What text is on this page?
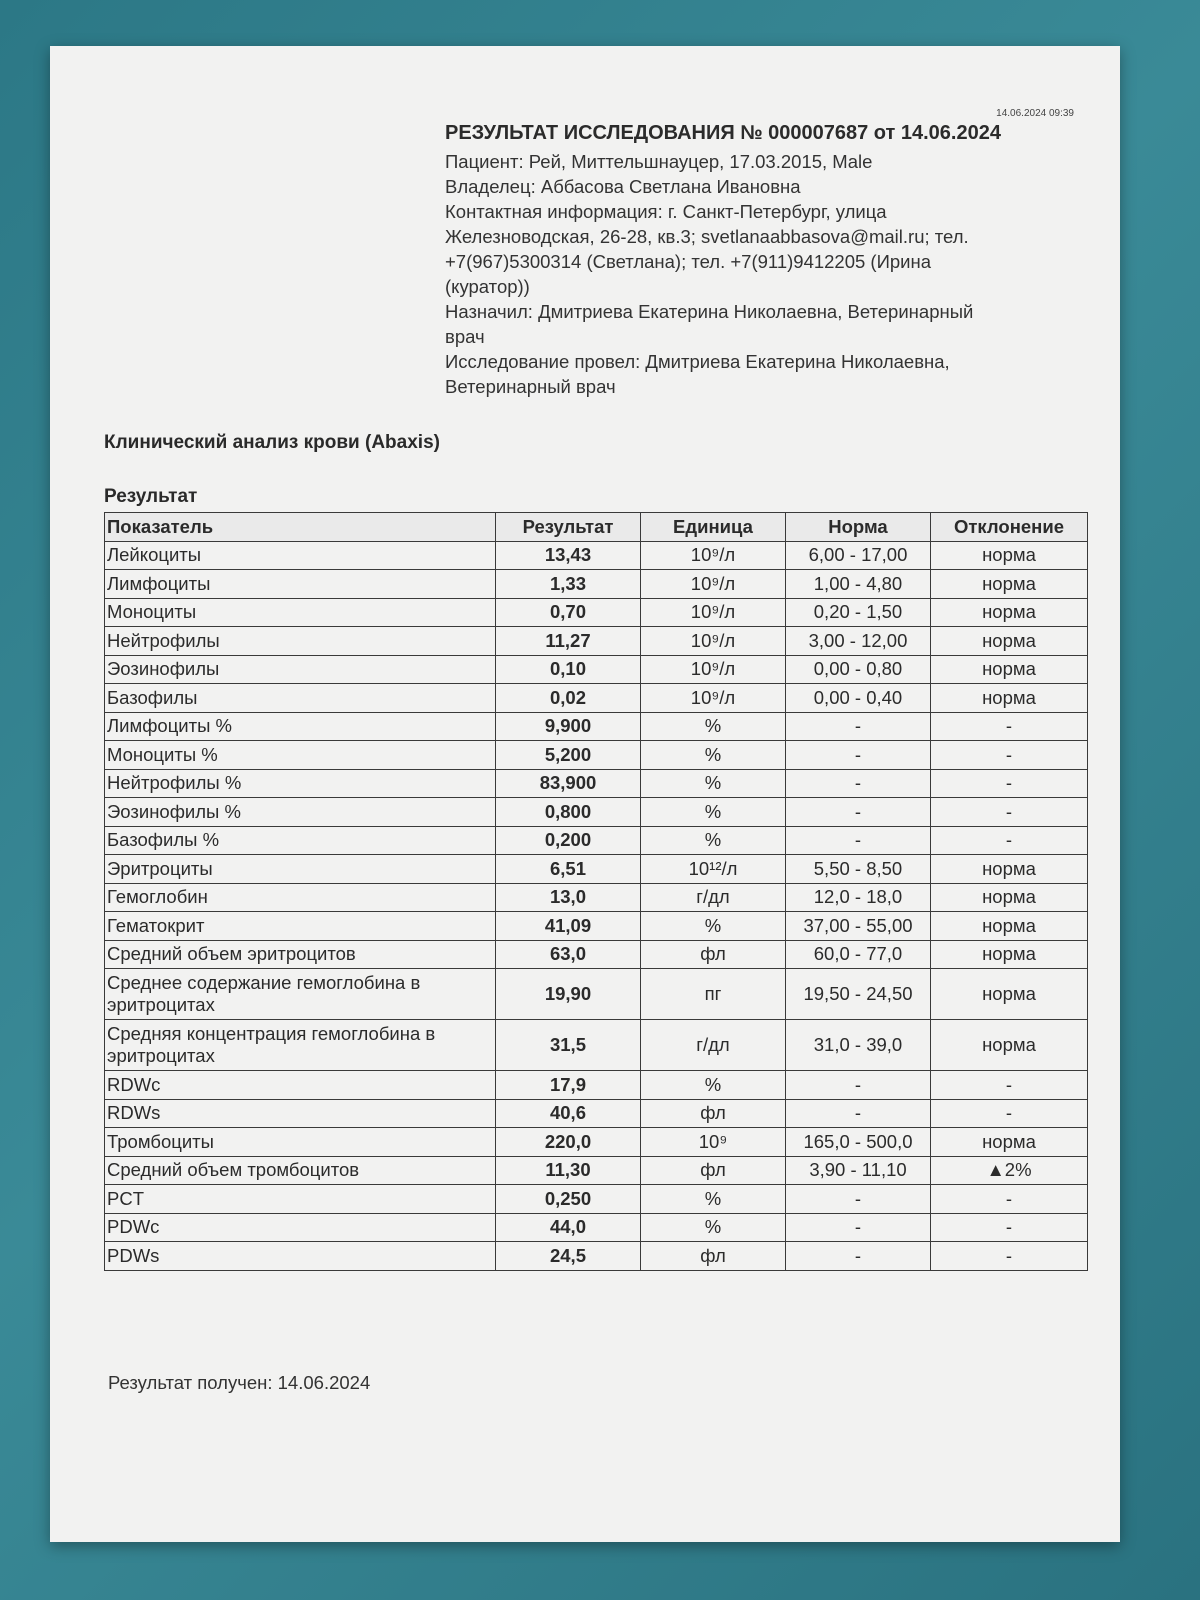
14.06.2024 09:39

РЕЗУЛЬТАТ ИССЛЕДОВАНИЯ № 000007687 от 14.06.2024

Пациент: Рей, Миттельшнауцер, 17.03.2015, Male

Владелец: Аббасова Светлана Ивановна

Контактная информация: г. Санкт-Петербург, улица

Железноводская, 26-28, кв.3; svetlanaabbasova@mail.ru; тел.

+7(967)5300314 (Светлана); тел. +7(911)9412205 (Ирина

(куратор))

Назначил: Дмитриева Екатерина Николаевна, Ветеринарный

врач

Исследование провел: Дмитриева Екатерина Николаевна,

Ветеринарный врач

Клинический анализ крови (Abaxis)
Результат
Показатель	Результат	Единица	Норма	Отклонение
Лейкоциты	13,43	10⁹/л	6,00 - 17,00	норма
Лимфоциты	1,33	10⁹/л	1,00 - 4,80	норма
Моноциты	0,70	10⁹/л	0,20 - 1,50	норма
Нейтрофилы	11,27	10⁹/л	3,00 - 12,00	норма
Эозинофилы	0,10	10⁹/л	0,00 - 0,80	норма
Базофилы	0,02	10⁹/л	0,00 - 0,40	норма
Лимфоциты %	9,900	%	-	-
Моноциты %	5,200	%	-	-
Нейтрофилы %	83,900	%	-	-
Эозинофилы %	0,800	%	-	-
Базофилы %	0,200	%	-	-
Эритроциты	6,51	10¹²/л	5,50 - 8,50	норма
Гемоглобин	13,0	г/дл	12,0 - 18,0	норма
Гематокрит	41,09	%	37,00 - 55,00	норма
Средний объем эритроцитов	63,0	фл	60,0 - 77,0	норма
Среднее содержание гемоглобина в эритроцитах	19,90	пг	19,50 - 24,50	норма
Средняя концентрация гемоглобина в эритроцитах	31,5	г/дл	31,0 - 39,0	норма
RDWc	17,9	%	-	-
RDWs	40,6	фл	-	-
Тромбоциты	220,0	10⁹	165,0 - 500,0	норма
Средний объем тромбоцитов	11,30	фл	3,90 - 11,10	▲2%
PCT	0,250	%	-	-
PDWc	44,0	%	-	-
PDWs	24,5	фл	-	-
Результат получен: 14.06.2024
